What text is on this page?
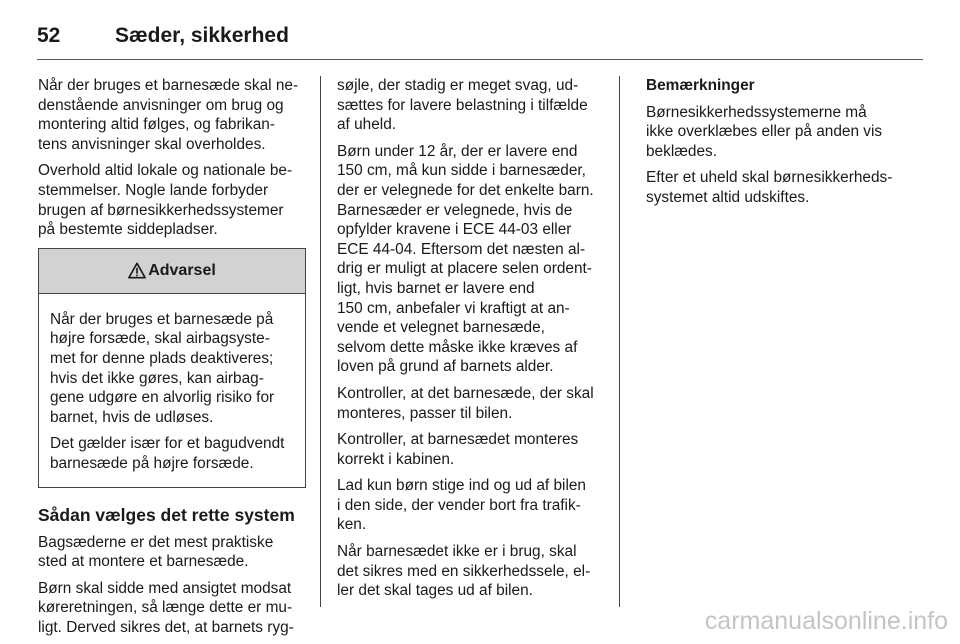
52	Sæder, sikkerhed

Når der bruges et barnesæde skal ne-
denstående anvisninger om brug og
montering altid følges, og fabrikan-
tens anvisninger skal overholdes.

Overhold altid lokale og nationale be-
stemmelser. Nogle lande forbyder
brugen af børnesikkerhedssystemer
på bestemte siddepladser.

Advarsel

Når der bruges et barnesæde på
højre forsæde, skal airbagsyste-
met for denne plads deaktiveres;
hvis det ikke gøres, kan airbag-
gene udgøre en alvorlig risiko for
barnet, hvis de udløses.

Det gælder især for et bagudvendt
barnesæde på højre forsæde.

Sådan vælges det rette system

Bagsæderne er det mest praktiske
sted at montere et barnesæde.

Børn skal sidde med ansigtet modsat
køreretningen, så længe dette er mu-
ligt. Derved sikres det, at barnets ryg-

søjle, der stadig er meget svag, ud-
sættes for lavere belastning i tilfælde
af uheld.

Børn under 12 år, der er lavere end
150 cm, må kun sidde i barnesæder,
der er velegnede for det enkelte barn.
Barnesæder er velegnede, hvis de
opfylder kravene i ECE 44-03 eller
ECE 44-04. Eftersom det næsten al-
drig er muligt at placere selen ordent-
ligt, hvis barnet er lavere end
150 cm, anbefaler vi kraftigt at an-
vende et velegnet barnesæde,
selvom dette måske ikke kræves af
loven på grund af barnets alder.

Kontroller, at det barnesæde, der skal
monteres, passer til bilen.

Kontroller, at barnesædet monteres
korrekt i kabinen.

Lad kun børn stige ind og ud af bilen
i den side, der vender bort fra trafik-
ken.

Når barnesædet ikke er i brug, skal
det sikres med en sikkerhedssele, el-
ler det skal tages ud af bilen.

Bemærkninger

Børnesikkerhedssystemerne må
ikke overklæbes eller på anden vis
beklædes.

Efter et uheld skal børnesikkerheds-
systemet altid udskiftes.

carmanualsonline.info
